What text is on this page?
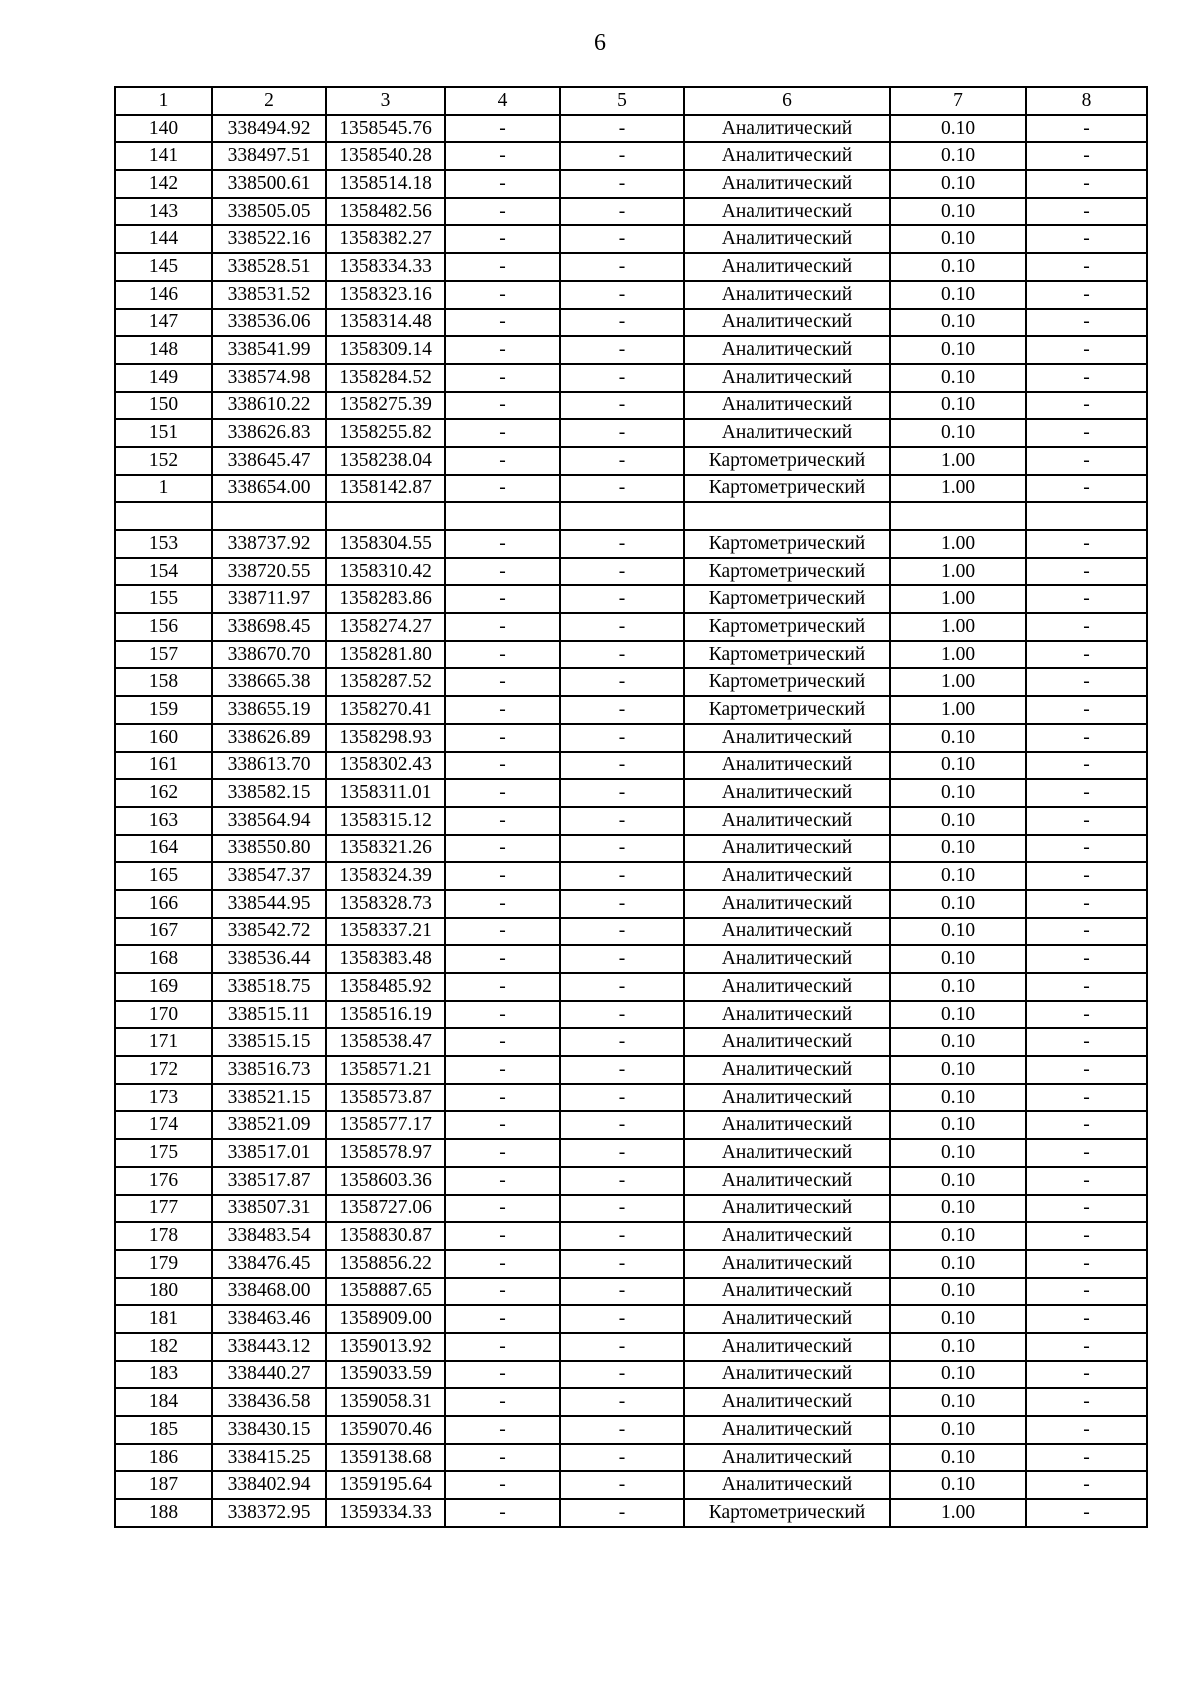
6
1	2	3	4	5	6	7	8
140	338494.92	1358545.76	-	-	Аналитический	0.10	-
141	338497.51	1358540.28	-	-	Аналитический	0.10	-
142	338500.61	1358514.18	-	-	Аналитический	0.10	-
143	338505.05	1358482.56	-	-	Аналитический	0.10	-
144	338522.16	1358382.27	-	-	Аналитический	0.10	-
145	338528.51	1358334.33	-	-	Аналитический	0.10	-
146	338531.52	1358323.16	-	-	Аналитический	0.10	-
147	338536.06	1358314.48	-	-	Аналитический	0.10	-
148	338541.99	1358309.14	-	-	Аналитический	0.10	-
149	338574.98	1358284.52	-	-	Аналитический	0.10	-
150	338610.22	1358275.39	-	-	Аналитический	0.10	-
151	338626.83	1358255.82	-	-	Аналитический	0.10	-
152	338645.47	1358238.04	-	-	Картометрический	1.00	-
1	338654.00	1358142.87	-	-	Картометрический	1.00	-

153	338737.92	1358304.55	-	-	Картометрический	1.00	-
154	338720.55	1358310.42	-	-	Картометрический	1.00	-
155	338711.97	1358283.86	-	-	Картометрический	1.00	-
156	338698.45	1358274.27	-	-	Картометрический	1.00	-
157	338670.70	1358281.80	-	-	Картометрический	1.00	-
158	338665.38	1358287.52	-	-	Картометрический	1.00	-
159	338655.19	1358270.41	-	-	Картометрический	1.00	-
160	338626.89	1358298.93	-	-	Аналитический	0.10	-
161	338613.70	1358302.43	-	-	Аналитический	0.10	-
162	338582.15	1358311.01	-	-	Аналитический	0.10	-
163	338564.94	1358315.12	-	-	Аналитический	0.10	-
164	338550.80	1358321.26	-	-	Аналитический	0.10	-
165	338547.37	1358324.39	-	-	Аналитический	0.10	-
166	338544.95	1358328.73	-	-	Аналитический	0.10	-
167	338542.72	1358337.21	-	-	Аналитический	0.10	-
168	338536.44	1358383.48	-	-	Аналитический	0.10	-
169	338518.75	1358485.92	-	-	Аналитический	0.10	-
170	338515.11	1358516.19	-	-	Аналитический	0.10	-
171	338515.15	1358538.47	-	-	Аналитический	0.10	-
172	338516.73	1358571.21	-	-	Аналитический	0.10	-
173	338521.15	1358573.87	-	-	Аналитический	0.10	-
174	338521.09	1358577.17	-	-	Аналитический	0.10	-
175	338517.01	1358578.97	-	-	Аналитический	0.10	-
176	338517.87	1358603.36	-	-	Аналитический	0.10	-
177	338507.31	1358727.06	-	-	Аналитический	0.10	-
178	338483.54	1358830.87	-	-	Аналитический	0.10	-
179	338476.45	1358856.22	-	-	Аналитический	0.10	-
180	338468.00	1358887.65	-	-	Аналитический	0.10	-
181	338463.46	1358909.00	-	-	Аналитический	0.10	-
182	338443.12	1359013.92	-	-	Аналитический	0.10	-
183	338440.27	1359033.59	-	-	Аналитический	0.10	-
184	338436.58	1359058.31	-	-	Аналитический	0.10	-
185	338430.15	1359070.46	-	-	Аналитический	0.10	-
186	338415.25	1359138.68	-	-	Аналитический	0.10	-
187	338402.94	1359195.64	-	-	Аналитический	0.10	-
188	338372.95	1359334.33	-	-	Картометрический	1.00	-
